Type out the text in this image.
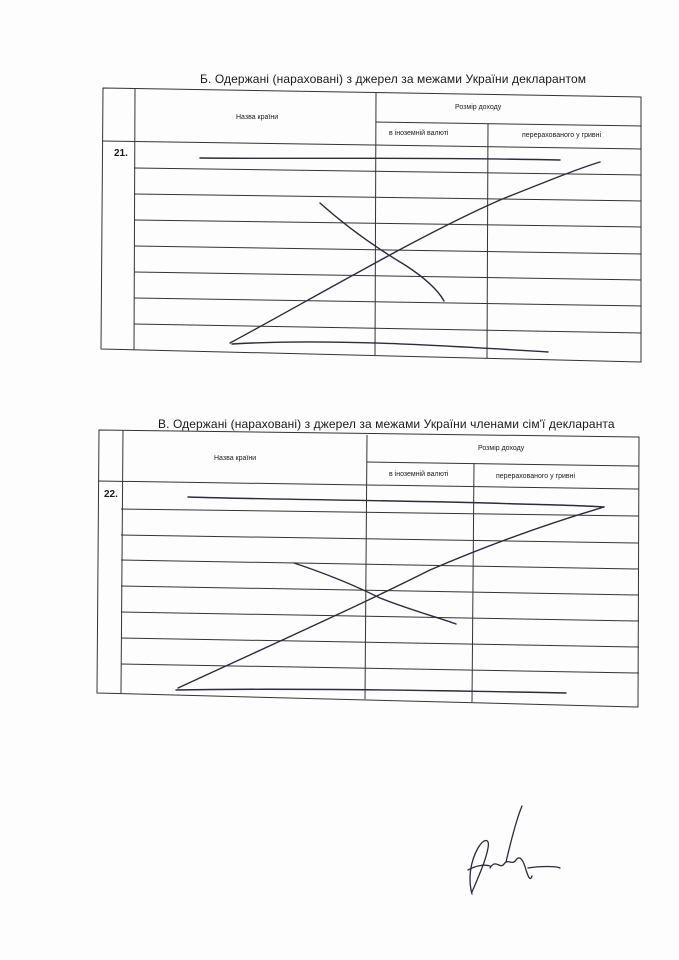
Б. Одержані (нараховані) з джерел за межами України декларантом
В. Одержані (нараховані) з джерел за межами України членами сім'ї декларанта
Назва країни
Розмір доходу
в іноземній валюті	перерахованого у гривні
21.
Назва країни
Розмір доходу
в іноземній валюті	перерахованого у гривні
22.
